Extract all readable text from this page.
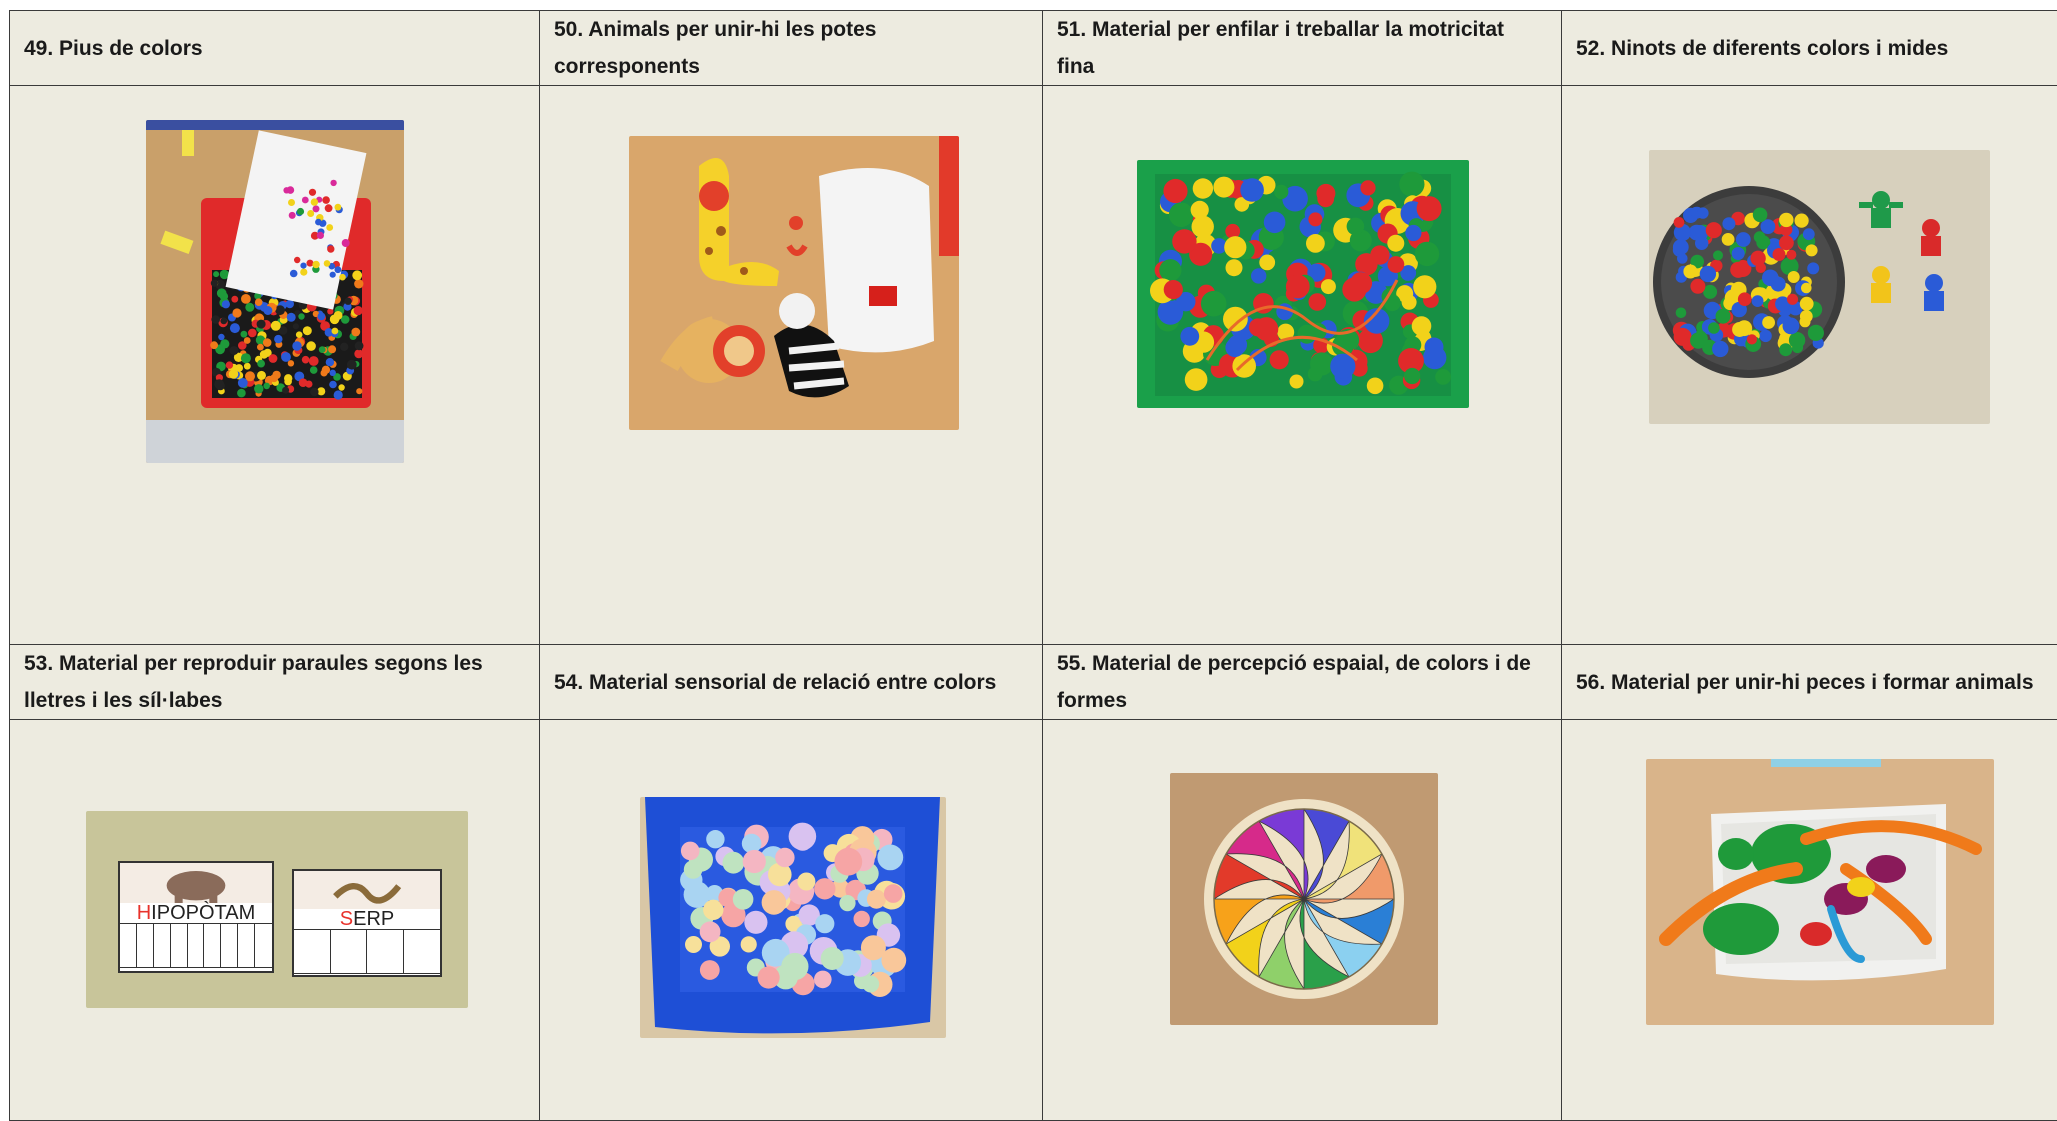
49. Pius de colors	50. Animals per unir-hi les potes corresponents	51. Material per enfilar i treballar la motricitat fina	52. Ninots de diferents colors i mides

53. Material per reproduir paraules segons les lletres i les síl·labes	54. Material sensorial de relació entre colors	55. Material de percepció espaial, de colors i de formes	56. Material per unir-hi peces i formar animals

HIPOPÒTAM SERP
